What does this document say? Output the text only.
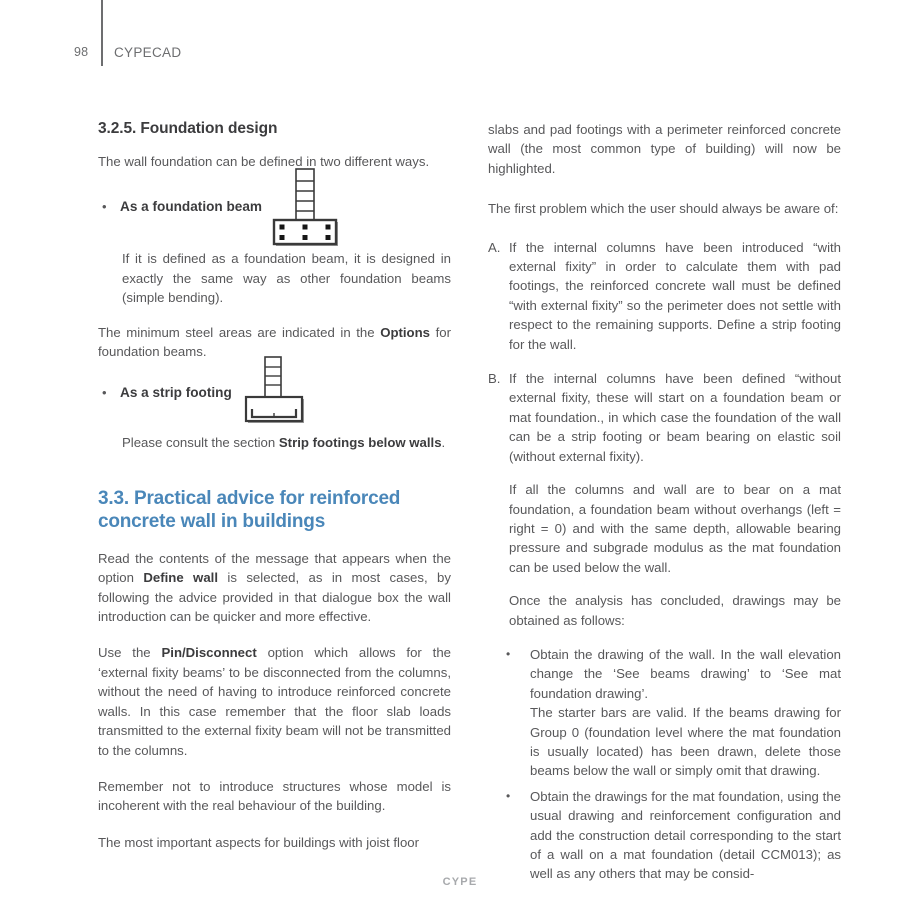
98 CYPECAD
3.2.5. Foundation design

The wall foundation can be defined in two different ways.

• As a foundation beam

If it is defined as a foundation beam, it is designed in exactly the same way as other foundation beams (simple bending).

The minimum steel areas are indicated in the Options for foundation beams.

• As a strip footing

Please consult the section Strip footings below walls.

3.3. Practical advice for reinforced concrete wall in buildings

Read the contents of the message that appears when the option Define wall is selected, as in most cases, by following the advice provided in that dialogue box the wall introduction can be quicker and more effective.

Use the Pin/Disconnect option which allows for the ‘external fixity beams’ to be disconnected from the columns, without the need of having to introduce reinforced concrete walls. In this case remember that the floor slab loads transmitted to the external fixity beam will not be transmitted to the columns.

Remember not to introduce structures whose model is incoherent with the real behaviour of the building.

The most important aspects for buildings with joist floor

slabs and pad footings with a perimeter reinforced concrete wall (the most common type of building) will now be highlighted.

The first problem which the user should always be aware of:

A. If the internal columns have been introduced “with external fixity” in order to calculate them with pad footings, the reinforced concrete wall must be defined “with external fixity” so the perimeter does not settle with respect to the remaining supports. Define a strip footing for the wall.

B. If the internal columns have been defined “without external fixity, these will start on a foundation beam or mat foundation., in which case the foundation of the wall can be a strip footing or beam bearing on elastic soil (without external fixity).

If all the columns and wall are to bear on a mat foundation, a foundation beam without overhangs (left = right = 0) and with the same depth, allowable bearing pressure and subgrade modulus as the mat foundation can be used below the wall.

Once the analysis has concluded, drawings may be obtained as follows:

•	Obtain the drawing of the wall. In the wall elevation change the ‘See beams drawing’ to ‘See mat foundation drawing’.

The starter bars are valid. If the beams drawing for Group 0 (foundation level where the mat foundation is usually located) has been drawn, delete those beams below the wall or simply omit that drawing.

•	Obtain the drawings for the mat foundation, using the usual drawing and reinforcement configuration and add the construction detail corresponding to the start of a wall on a mat foundation (detail CCM013); as well as any others that may be consid-

CYPE
